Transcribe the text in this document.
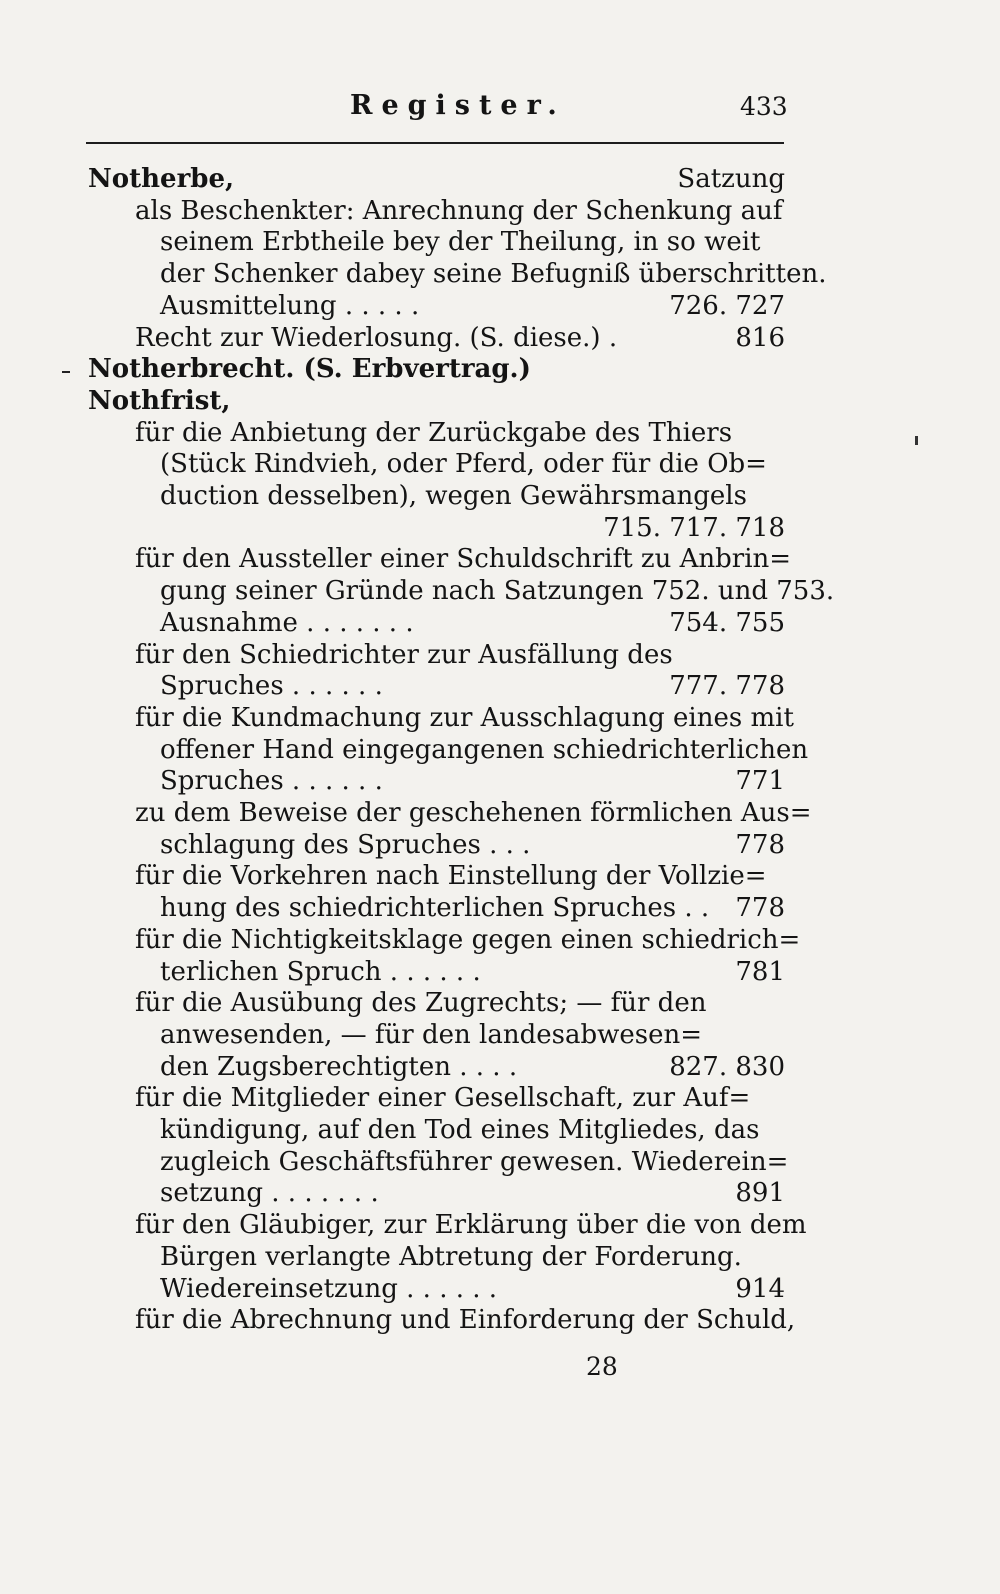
Register.	433
Notherbe,	Satzung
als Beschenkter: Anrechnung der Schenkung auf
seinem Erbtheile bey der Theilung, in so weit
der Schenker dabey seine Befugniß überschritten.
Ausmittelung . . . . .	726. 727
Recht zur Wiederlosung. (S. diese.) .	816
Notherbrecht. (S. Erbvertrag.)
Nothfrist,
für die Anbietung der Zurückgabe des Thiers
(Stück Rindvieh, oder Pferd, oder für die Ob=
duction desselben), wegen Gewährsmangels
715. 717. 718
für den Aussteller einer Schuldschrift zu Anbrin=
gung seiner Gründe nach Satzungen 752. und 753.
Ausnahme . . . . . . .	754. 755
für den Schiedrichter zur Ausfällung des
Spruches . . . . . .	777. 778
für die Kundmachung zur Ausschlagung eines mit
offener Hand eingegangenen schiedrichterlichen
Spruches . . . . . .	771
zu dem Beweise der geschehenen förmlichen Aus=
schlagung des Spruches . . .	778
für die Vorkehren nach Einstellung der Vollzie=
hung des schiedrichterlichen Spruches . . 778
für die Nichtigkeitsklage gegen einen schiedrich=
terlichen Spruch . . . . . .	781
für die Ausübung des Zugrechts; — für den
anwesenden, — für den landesabwesen=
den Zugsberechtigten . . . .	827. 830
für die Mitglieder einer Gesellschaft, zur Auf=
kündigung, auf den Tod eines Mitgliedes, das
zugleich Geschäftsführer gewesen. Wiederein=
setzung . . . . . . .	891
für den Gläubiger, zur Erklärung über die von dem
Bürgen verlangte Abtretung der Forderung.
Wiedereinsetzung . . . . . .	914
für die Abrechnung und Einforderung der Schuld,
28
